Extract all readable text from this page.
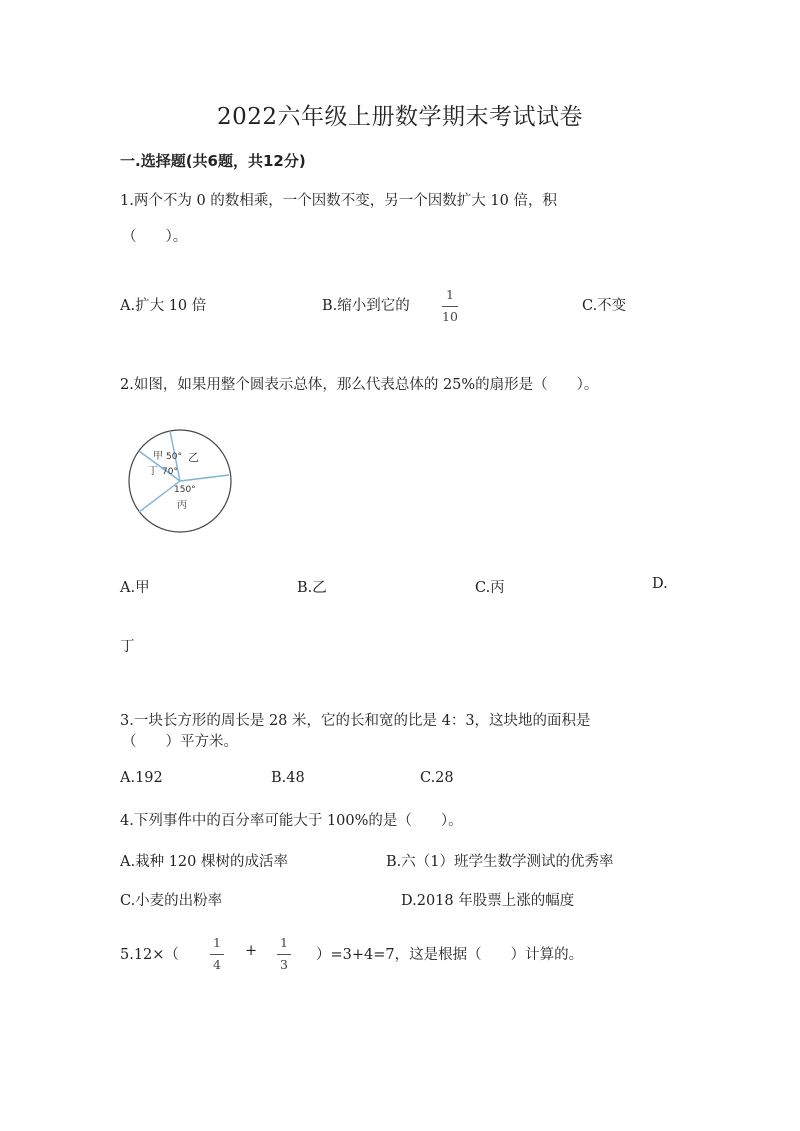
2022六年级上册数学期末考试试卷
一.选择题(共6题，共12分)
1.两个不为 0 的数相乘，一个因数不变，另一个因数扩大 10 倍，积
（　　）。
A.扩大 10 倍	B.缩小到它的
1
10
C.不变
2.如图，如果用整个圆表示总体，那么代表总体的 25%的扇形是（　　）。
甲 50° 乙
丁 70°
150°
丙
A.甲	B.乙	C.丙	D.
丁
3.一块长方形的周长是 28 米，它的长和宽的比是 4：3，这块地的面积是
（　　）平方米。
A.192	B.48	C.28
4.下列事件中的百分率可能大于 100%的是（　　）。
A.栽种 120 棵树的成活率	B.六（1）班学生数学测试的优秀率
C.小麦的出粉率	D.2018 年股票上涨的幅度
5.12×（
1
4
+
1
3
）=3+4=7，这是根据（　　）计算的。
